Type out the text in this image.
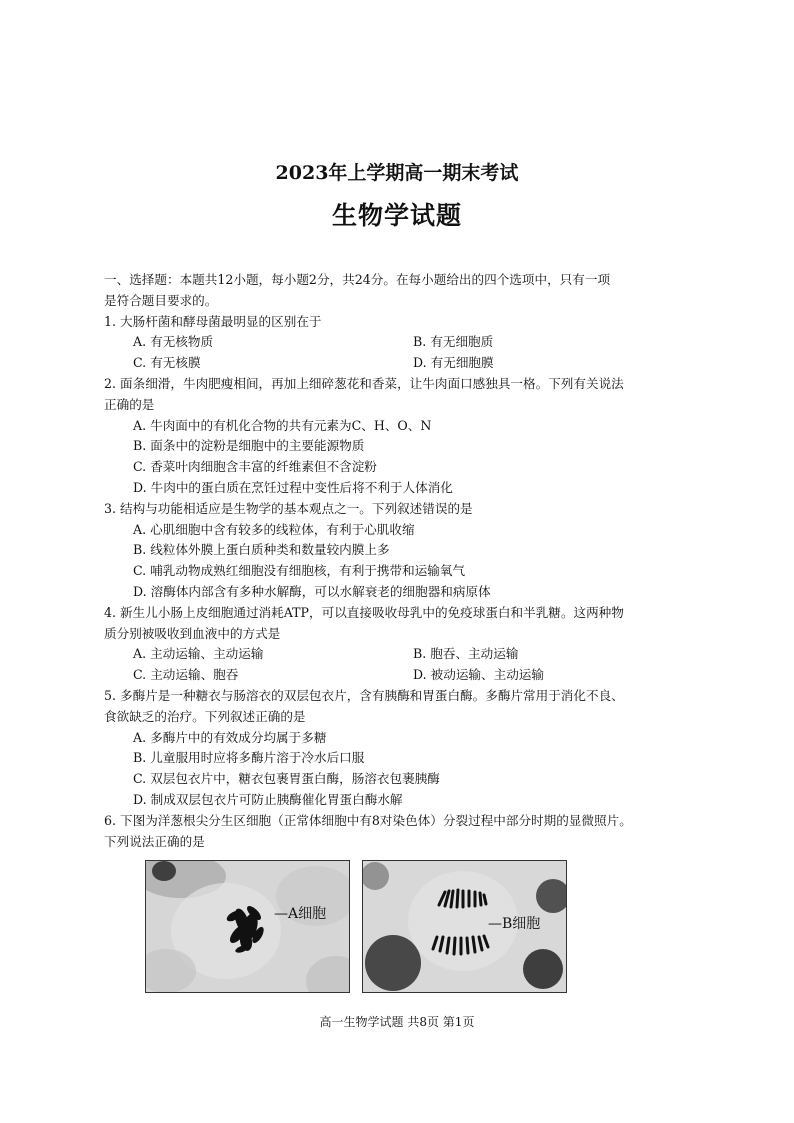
2023年上学期高一期末考试
生物学试题
一、选择题：本题共12小题，每小题2分，共24分。在每小题给出的四个选项中，只有一项
是符合题目要求的。
1. 大肠杆菌和酵母菌最明显的区别在于
A. 有无核物质	B. 有无细胞质
C. 有无核膜	D. 有无细胞膜
2. 面条细滑，牛肉肥瘦相间，再加上细碎葱花和香菜，让牛肉面口感独具一格。下列有关说法
正确的是
A. 牛肉面中的有机化合物的共有元素为C、H、O、N
B. 面条中的淀粉是细胞中的主要能源物质
C. 香菜叶肉细胞含丰富的纤维素但不含淀粉
D. 牛肉中的蛋白质在烹饪过程中变性后将不利于人体消化
3. 结构与功能相适应是生物学的基本观点之一。下列叙述错误的是
A. 心肌细胞中含有较多的线粒体，有利于心肌收缩
B. 线粒体外膜上蛋白质种类和数量较内膜上多
C. 哺乳动物成熟红细胞没有细胞核，有利于携带和运输氧气
D. 溶酶体内部含有多种水解酶，可以水解衰老的细胞器和病原体
4. 新生儿小肠上皮细胞通过消耗ATP，可以直接吸收母乳中的免疫球蛋白和半乳糖。这两种物
质分别被吸收到血液中的方式是
A. 主动运输、主动运输	B. 胞吞、主动运输
C. 主动运输、胞吞	D. 被动运输、主动运输
5. 多酶片是一种糖衣与肠溶衣的双层包衣片，含有胰酶和胃蛋白酶。多酶片常用于消化不良、
食欲缺乏的治疗。下列叙述正确的是
A. 多酶片中的有效成分均属于多糖
B. 儿童服用时应将多酶片溶于冷水后口服
C. 双层包衣片中，糖衣包裹胃蛋白酶，肠溶衣包裹胰酶
D. 制成双层包衣片可防止胰酶催化胃蛋白酶水解
6. 下图为洋葱根尖分生区细胞（正常体细胞中有8对染色体）分裂过程中部分时期的显微照片。
下列说法正确的是
—A细胞
—B细胞
高一生物学试题 共8页 第1页
